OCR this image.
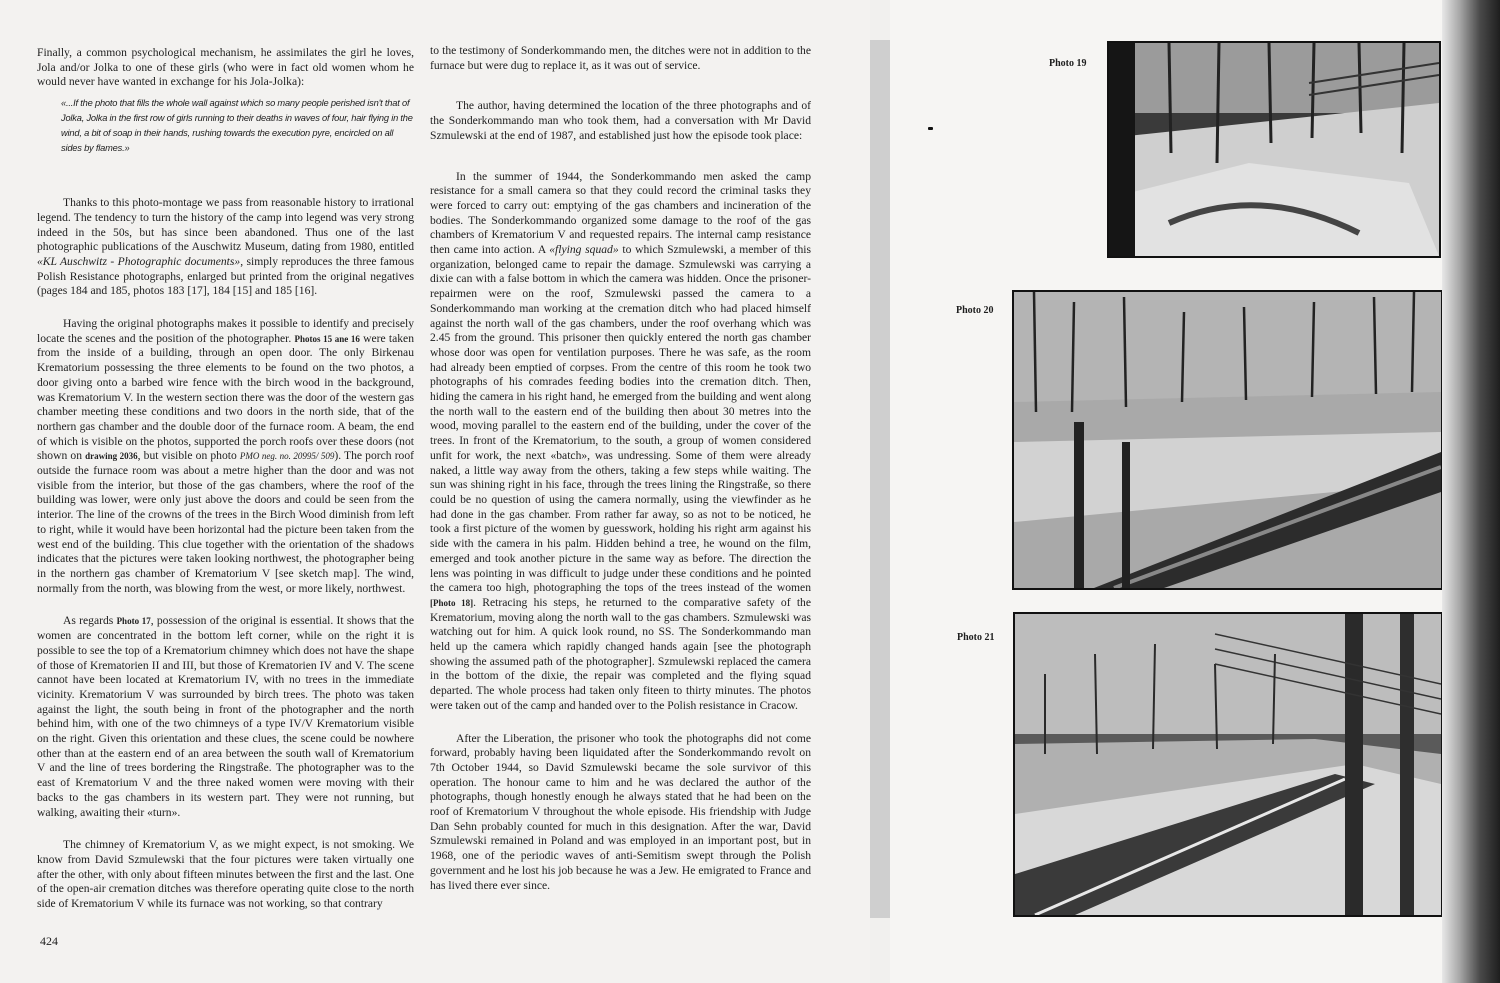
Finally, a common psychological mechanism, he assimilates the girl he loves, Jola and/or Jolka to one of these girls (who were in fact old women whom he would never have wanted in exchange for his Jola-Jolka):

«...If the photo that fills the whole wall against which so many people perished isn't that of Jolka, Jolka in the first row of girls running to their deaths in waves of four, hair flying in the wind, a bit of soap in their hands, rushing towards the execution pyre, encircled on all sides by flames.»

Thanks to this photo-montage we pass from reasonable history to irrational legend. The tendency to turn the history of the camp into legend was very strong indeed in the 50s, but has since been abandoned. Thus one of the last photographic publications of the Auschwitz Museum, dating from 1980, entitled «KL Auschwitz - Photographic documents», simply reproduces the three famous Polish Resistance photographs, enlarged but printed from the original negatives (pages 184 and 185, photos 183 [17], 184 [15] and 185 [16].

Having the original photographs makes it possible to identify and precisely locate the scenes and the position of the photographer. Photos 15 ane 16 were taken from the inside of a building, through an open door. The only Birkenau Krematorium possessing the three elements to be found on the two photos, a door giving onto a barbed wire fence with the birch wood in the background, was Krematorium V. In the western section there was the door of the western gas chamber meeting these conditions and two doors in the north side, that of the northern gas chamber and the double door of the furnace room. A beam, the end of which is visible on the photos, supported the porch roofs over these doors (not shown on drawing 2036, but visible on photo PMO neg. no. 20995/ 509). The porch roof outside the furnace room was about a metre higher than the door and was not visible from the interior, but those of the gas chambers, where the roof of the building was lower, were only just above the doors and could be seen from the interior. The line of the crowns of the trees in the Birch Wood diminish from left to right, while it would have been horizontal had the picture been taken from the west end of the building. This clue together with the orientation of the shadows indicates that the pictures were taken looking northwest, the photographer being in the northern gas chamber of Krematorium V [see sketch map]. The wind, normally from the north, was blowing from the west, or more likely, northwest.

As regards Photo 17, possession of the original is essential. It shows that the women are concentrated in the bottom left corner, while on the right it is possible to see the top of a Krematorium chimney which does not have the shape of those of Krematorien II and III, but those of Krematorien IV and V. The scene cannot have been located at Krematorium IV, with no trees in the immediate vicinity. Krematorium V was surrounded by birch trees. The photo was taken against the light, the south being in front of the photographer and the north behind him, with one of the two chimneys of a type IV/V Krematorium visible on the right. Given this orientation and these clues, the scene could be nowhere other than at the eastern end of an area between the south wall of Krematorium V and the line of trees bordering the Ringstraße. The photographer was to the east of Krematorium V and the three naked women were moving with their backs to the gas chambers in its western part. They were not running, but walking, awaiting their «turn».

The chimney of Krematorium V, as we might expect, is not smoking. We know from David Szmulewski that the four pictures were taken virtually one after the other, with only about fifteen minutes between the first and the last. One of the open-air cremation ditches was therefore operating quite close to the north side of Krematorium V while its furnace was not working, so that contrary

to the testimony of Sonderkommando men, the ditches were not in addition to the furnace but were dug to replace it, as it was out of service.

The author, having determined the location of the three photographs and of the Sonderkommando man who took them, had a conversation with Mr David Szmulewski at the end of 1987, and established just how the episode took place:

In the summer of 1944, the Sonderkommando men asked the camp resistance for a small camera so that they could record the criminal tasks they were forced to carry out: emptying of the gas chambers and incineration of the bodies. The Sonderkommando organized some damage to the roof of the gas chambers of Krematorium V and requested repairs. The internal camp resistance then came into action. A «flying squad» to which Szmulewski, a member of this organization, belonged came to repair the damage. Szmulewski was carrying a dixie can with a false bottom in which the camera was hidden. Once the prisoner-repairmen were on the roof, Szmulewski passed the camera to a Sonderkommando man working at the cremation ditch who had placed himself against the north wall of the gas chambers, under the roof overhang which was 2.45 from the ground. This prisoner then quickly entered the north gas chamber whose door was open for ventilation purposes. There he was safe, as the room had already been emptied of corpses. From the centre of this room he took two photographs of his comrades feeding bodies into the cremation ditch. Then, hiding the camera in his right hand, he emerged from the building and went along the north wall to the eastern end of the building then about 30 metres into the wood, moving parallel to the eastern end of the building, under the cover of the trees. In front of the Krematorium, to the south, a group of women considered unfit for work, the next «batch», was undressing. Some of them were already naked, a little way away from the others, taking a few steps while waiting. The sun was shining right in his face, through the trees lining the Ringstraße, so there could be no question of using the camera normally, using the viewfinder as he had done in the gas chamber. From rather far away, so as not to be noticed, he took a first picture of the women by guesswork, holding his right arm against his side with the camera in his palm. Hidden behind a tree, he wound on the film, emerged and took another picture in the same way as before. The direction the lens was pointing in was difficult to judge under these conditions and he pointed the camera too high, photographing the tops of the trees instead of the women [Photo 18]. Retracing his steps, he returned to the comparative safety of the Krematorium, moving along the north wall to the gas chambers. Szmulewski was watching out for him. A quick look round, no SS. The Sonderkommando man held up the camera which rapidly changed hands again [see the photograph showing the assumed path of the photographer]. Szmulewski replaced the camera in the bottom of the dixie, the repair was completed and the flying squad departed. The whole process had taken only fiteen to thirty minutes. The photos were taken out of the camp and handed over to the Polish resistance in Cracow.

After the Liberation, the prisoner who took the photographs did not come forward, probably having been liquidated after the Sonderkommando revolt on 7th October 1944, so David Szmulewski became the sole survivor of this operation. The honour came to him and he was declared the author of the photographs, though honestly enough he always stated that he had been on the roof of Krematorium V throughout the whole episode. His friendship with Judge Dan Sehn probably counted for much in this designation. After the war, David Szmulewski remained in Poland and was employed in an important post, but in 1968, one of the periodic waves of anti-Semitism swept through the Polish government and he lost his job because he was a Jew. He emigrated to France and has lived there ever since.

424
Photo 19
Photo 20
Photo 21
